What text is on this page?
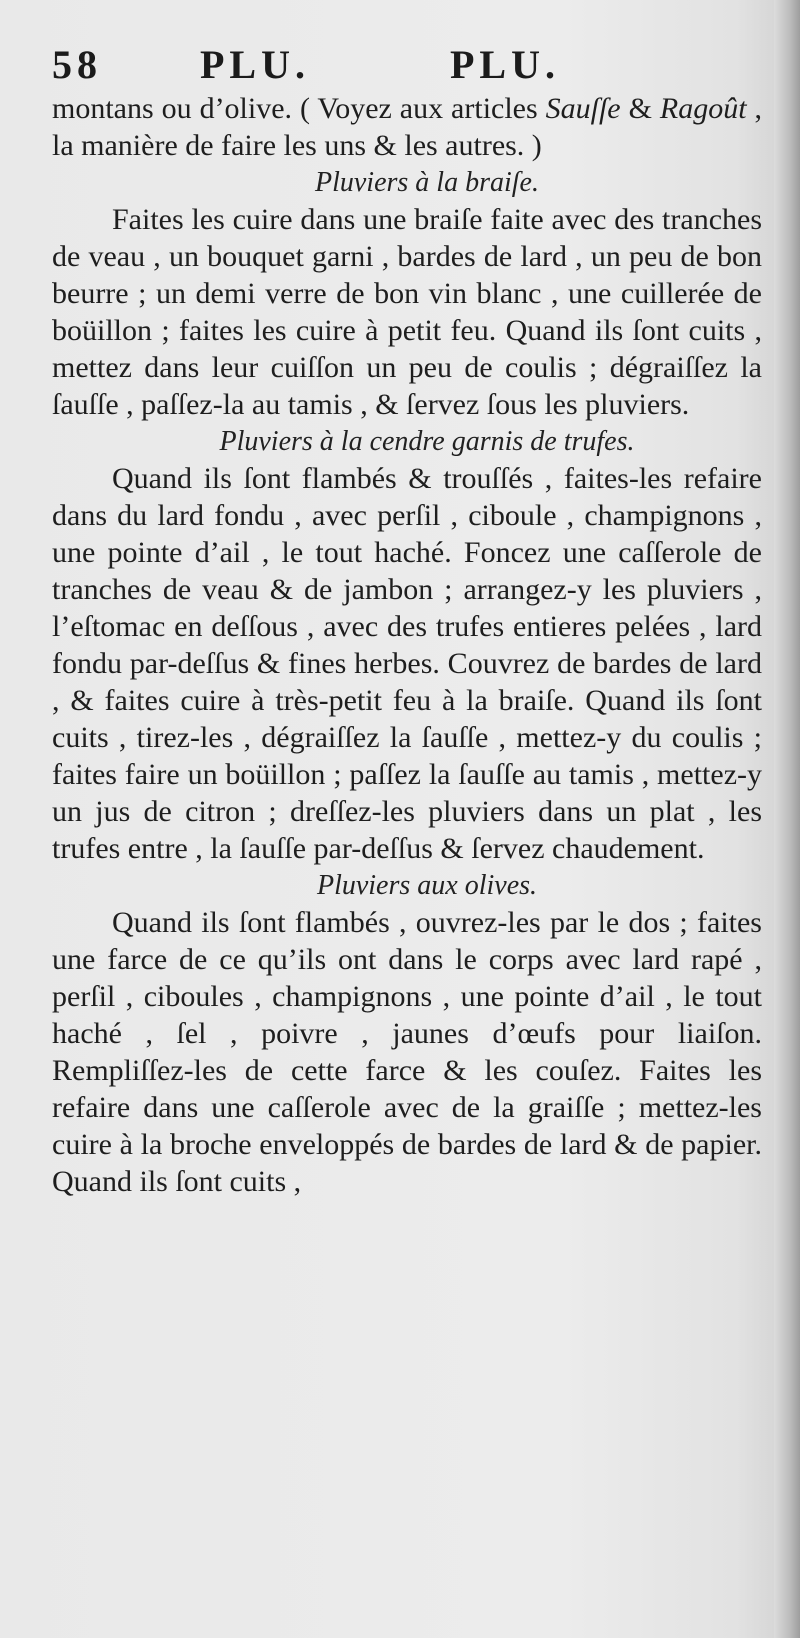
58 PLU.	PLU.

montans ou d’olive. ( Voyez aux articles Sauſſe & Ragoût , la manière de faire les uns & les autres. )

Pluviers à la braiſe.

Faites les cuire dans une braiſe faite avec des tranches de veau , un bouquet garni , bardes de lard , un peu de bon beurre ; un demi verre de bon vin blanc , une cuillerée de boüillon ; faites les cuire à petit feu. Quand ils ſont cuits , mettez dans leur cuiſſon un peu de coulis ; dégraiſſez la ſauſſe , paſſez-la au tamis , & ſervez ſous les pluviers.

Pluviers à la cendre garnis de trufes.

Quand ils ſont flambés & trouſſés , faites-les refaire dans du lard fondu , avec perſil , ciboule , champignons , une pointe d’ail , le tout haché. Foncez une caſſerole de tranches de veau & de jambon ; arrangez-y les pluviers , l’eſtomac en deſſous , avec des trufes entieres pelées , lard fondu par-deſſus & fines herbes. Couvrez de bardes de lard , & faites cuire à très-petit feu à la braiſe. Quand ils ſont cuits , tirez-les , dégraiſſez la ſauſſe , mettez-y du coulis ; faites faire un boüillon ; paſſez la ſauſſe au tamis , mettez-y un jus de citron ; dreſſez-les pluviers dans un plat , les trufes entre , la ſauſſe par-deſſus & ſervez chaudement.

Pluviers aux olives.

Quand ils ſont flambés , ouvrez-les par le dos ; faites une farce de ce qu’ils ont dans le corps avec lard rapé , perſil , ciboules , champignons , une pointe d’ail , le tout haché , ſel , poivre , jaunes d’œufs pour liaiſon. Rempliſſez-les de cette farce & les couſez. Faites les refaire dans une caſſerole avec de la graiſſe ; mettez-les cuire à la broche enveloppés de bardes de lard & de papier. Quand ils ſont cuits ,
